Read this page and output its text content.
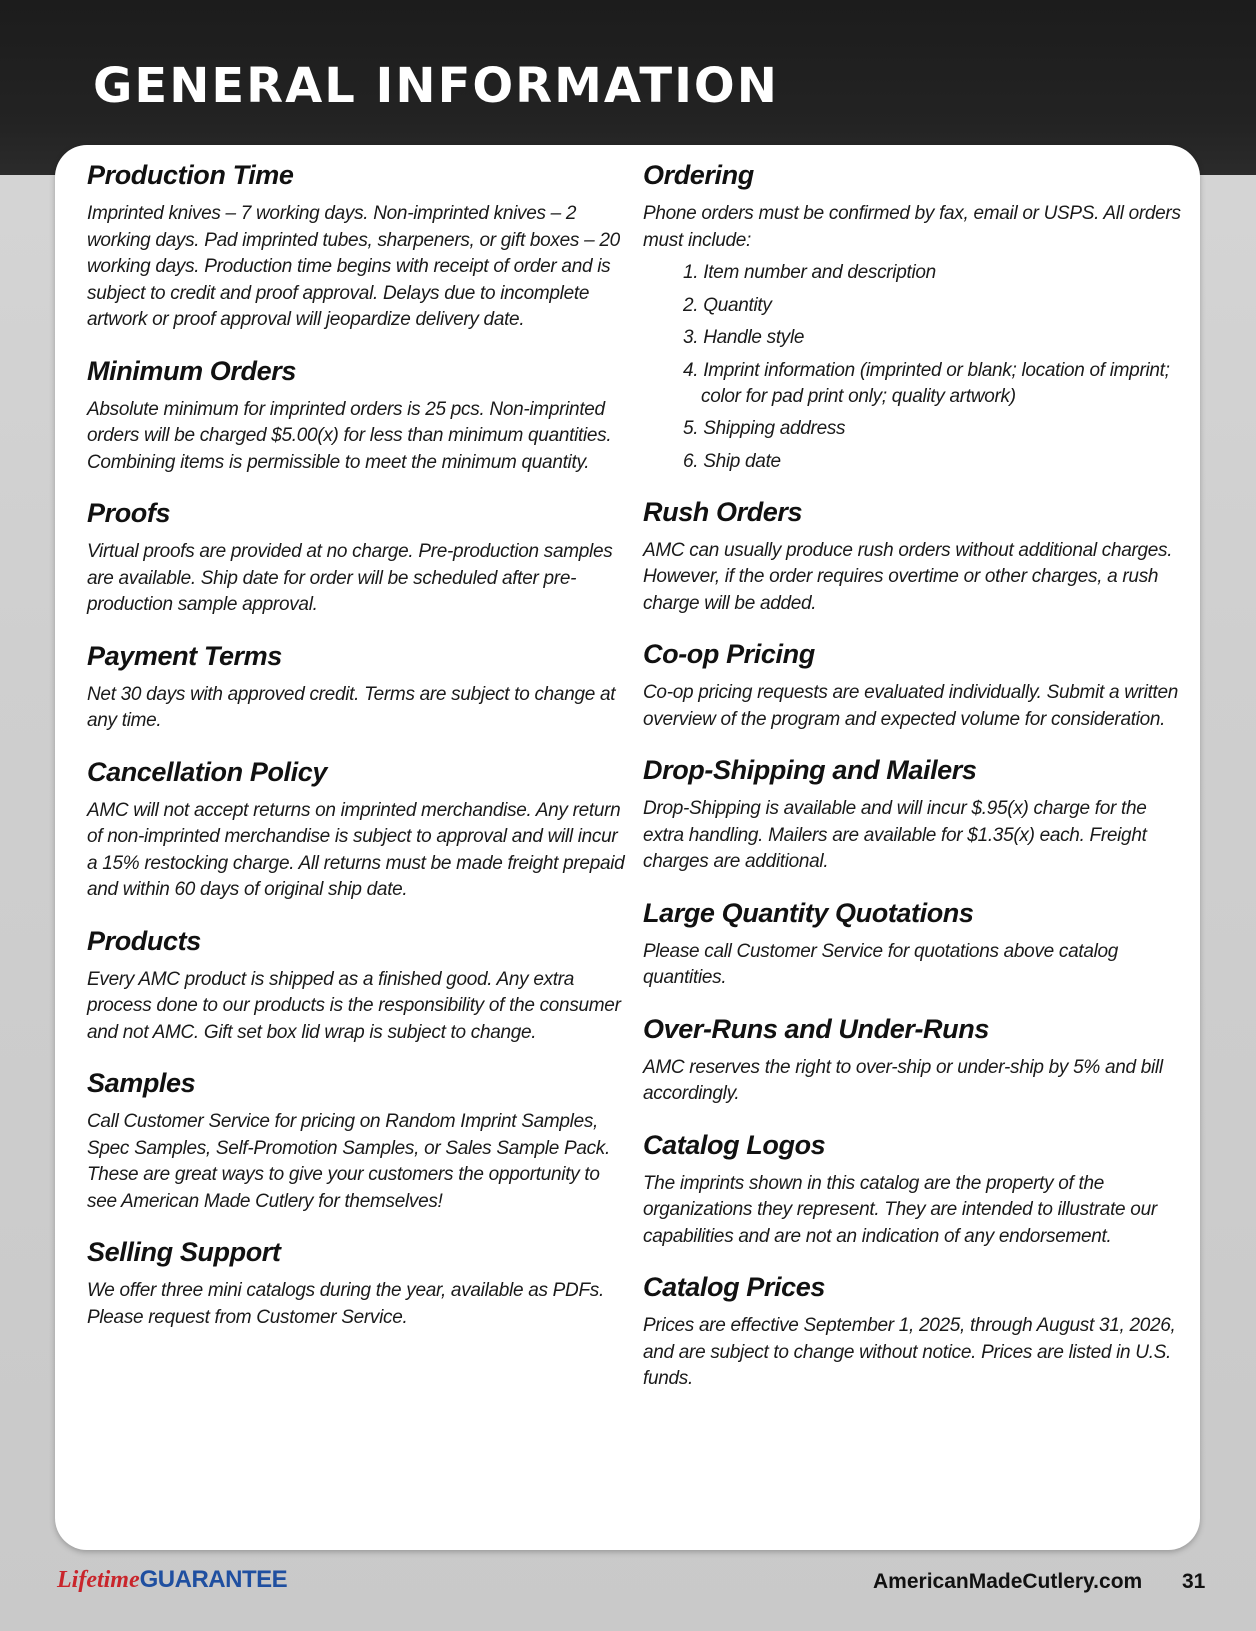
GENERAL INFORMATION
Production Time

Imprinted knives – 7 working days. Non-imprinted knives – 2 working days. Pad imprinted tubes, sharpeners, or gift boxes – 20 working days. Production time begins with receipt of order and is subject to credit and proof approval. Delays due to incomplete artwork or proof approval will jeopardize delivery date.

Minimum Orders

Absolute minimum for imprinted orders is 25 pcs. Non-imprinted orders will be charged $5.00(x) for less than minimum quantities. Combining items is permissible to meet the minimum quantity.

Proofs

Virtual proofs are provided at no charge. Pre-production samples are available. Ship date for order will be scheduled after pre-production sample approval.

Payment Terms

Net 30 days with approved credit. Terms are subject to change at any time.

Cancellation Policy

AMC will not accept returns on imprinted merchandise. Any return of non-imprinted merchandise is subject to approval and will incur a 15% restocking charge. All returns must be made freight prepaid and within 60 days of original ship date.

Products

Every AMC product is shipped as a finished good. Any extra process done to our products is the responsibility of the consumer and not AMC. Gift set box lid wrap is subject to change.

Samples

Call Customer Service for pricing on Random Imprint Samples, Spec Samples, Self-Promotion Samples, or Sales Sample Pack. These are great ways to give your customers the opportunity to see American Made Cutlery for themselves!

Selling Support

We offer three mini catalogs during the year, available as PDFs. Please request from Customer Service.

Ordering

Phone orders must be confirmed by fax, email or USPS. All orders must include:

1. Item number and description
2. Quantity
3. Handle style
4. Imprint information (imprinted or blank; location of imprint; color for pad print only; quality artwork)
5. Shipping address
6. Ship date
Rush Orders

AMC can usually produce rush orders without additional charges. However, if the order requires overtime or other charges, a rush charge will be added.

Co-op Pricing

Co-op pricing requests are evaluated individually. Submit a written overview of the program and expected volume for consideration.

Drop-Shipping and Mailers

Drop-Shipping is available and will incur $.95(x) charge for the extra handling. Mailers are available for $1.35(x) each. Freight charges are additional.

Large Quantity Quotations

Please call Customer Service for quotations above catalog quantities.

Over-Runs and Under-Runs

AMC reserves the right to over-ship or under-ship by 5% and bill accordingly.

Catalog Logos

The imprints shown in this catalog are the property of the organizations they represent. They are intended to illustrate our capabilities and are not an indication of any endorsement.

Catalog Prices

Prices are effective September 1, 2025, through August 31, 2026, and are subject to change without notice. Prices are listed in U.S. funds.

LifetimeGUARANTEE	AmericanMadeCutlery.com 31
